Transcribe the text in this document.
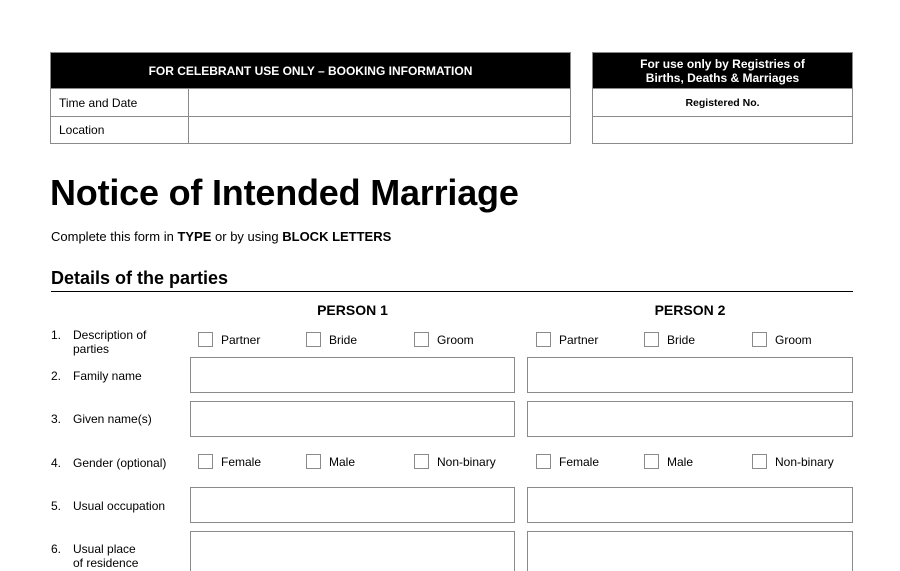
FOR CELEBRANT USE ONLY – BOOKING INFORMATION
Time and Date
Location
For use only by Registries of
Births, Deaths & Marriages
Registered No.
Notice of Intended Marriage
Complete this form in TYPE or by using BLOCK LETTERS
Details of the parties
PERSON 1	PERSON 2
1. Description of
parties
Partner	Bride	Groom	Partner	Bride	Groom
2. Family name
3. Given name(s)
4. Gender (optional)	Female	Male	Non-binary	Female	Male	Non-binary
5. Usual occupation
6. Usual place
of residence
